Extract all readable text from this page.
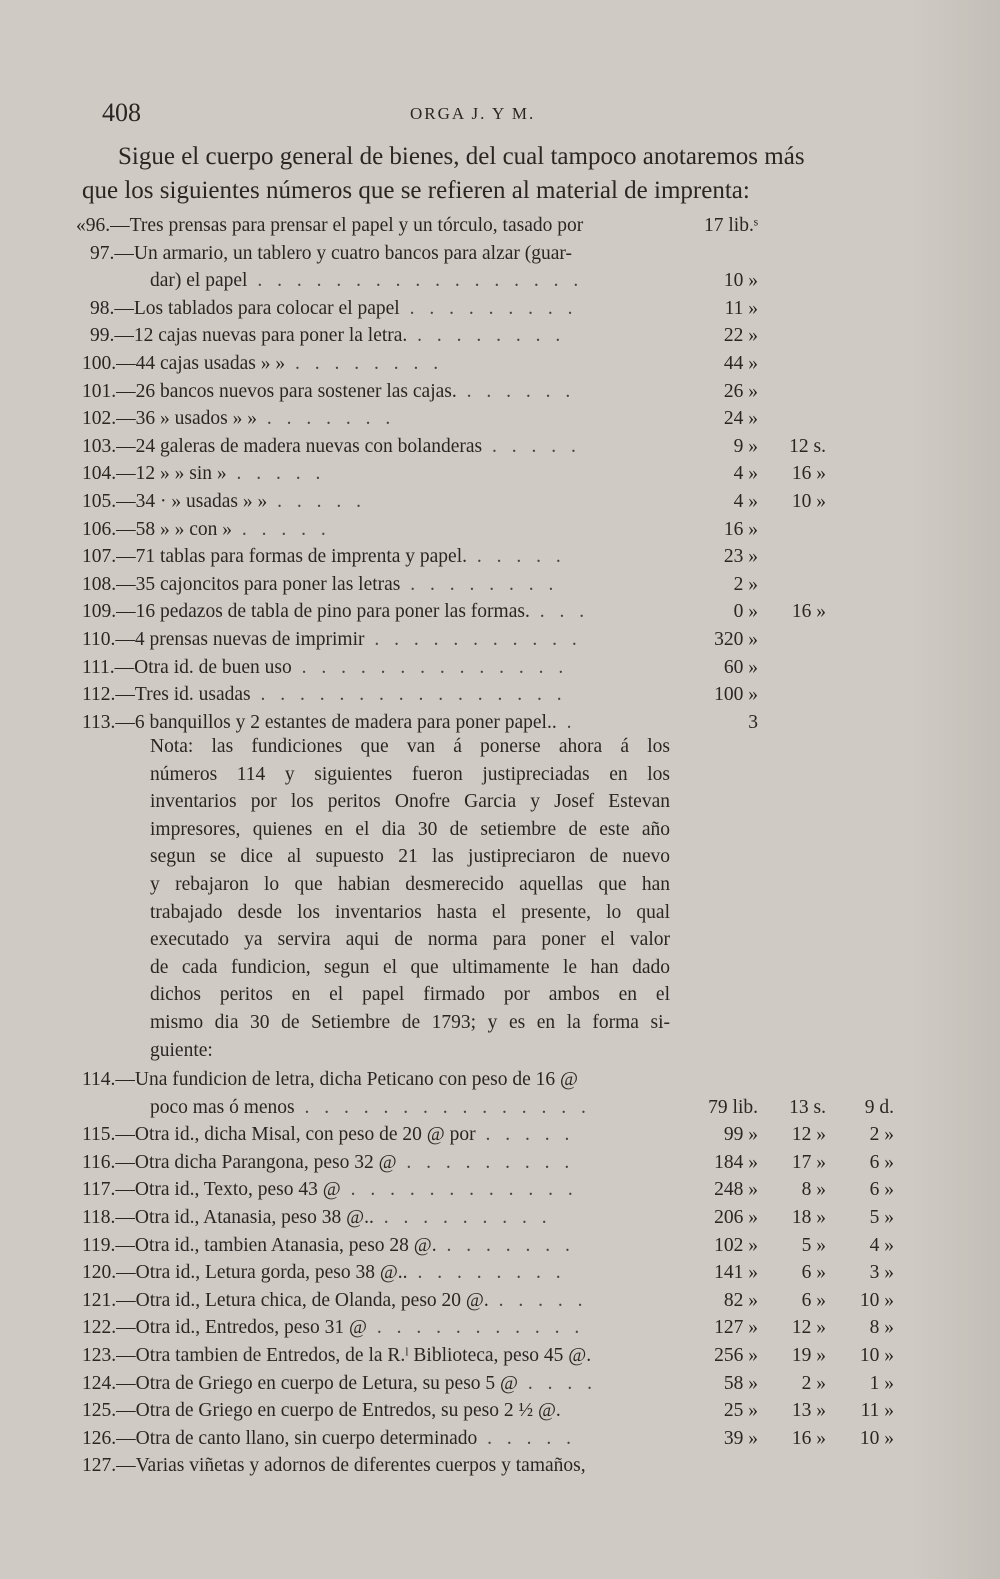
408	ORGA J. Y M.
Sigue el cuerpo general de bienes, del cual tampoco anotaremos más
que los siguientes números que se refieren al material de imprenta:
«96.—Tres prensas para prensar el papel y un tórculo, tasado por	17 lib.ˢ
97.—Un armario, un tablero y cuatro bancos para alzar (guar-
dar) el papel . . . . . . . . . . . . . . . . .	10 »
98.—Los tablados para colocar el papel . . . . . . . . .	11 »
99.—12 cajas nuevas para poner la letra. . . . . . . . .	22 »
100.—44 cajas usadas » » . . . . . . . .	44 »
101.—26 bancos nuevos para sostener las cajas. . . . . . .	26 »
102.—36 » usados » » . . . . . . .	24 »
103.—24 galeras de madera nuevas con bolanderas . . . . .	9 »	12 s.
104.—12 » » sin » . . . . .	4 »	16 »
105.—34 · » usadas » » . . . . .	4 »	10 »
106.—58 » » con » . . . . .	16 »
107.—71 tablas para formas de imprenta y papel. . . . . .	23 »
108.—35 cajoncitos para poner las letras . . . . . . . .	2 »
109.—16 pedazos de tabla de pino para poner las formas. . . .	0 »	16 »
110.—4 prensas nuevas de imprimir . . . . . . . . . . .	320 »
111.—Otra id. de buen uso . . . . . . . . . . . . . .	60 »
112.—Tres id. usadas . . . . . . . . . . . . . . . .	100 »
113.—6 banquillos y 2 estantes de madera para poner papel.. .	3
Nota: las fundiciones que van á ponerse ahora á los
números 114 y siguientes fueron justipreciadas en los
inventarios por los peritos Onofre Garcia y Josef Estevan
impresores, quienes en el dia 30 de setiembre de este año
segun se dice al supuesto 21 las justipreciaron de nuevo
y rebajaron lo que habian desmerecido aquellas que han
trabajado desde los inventarios hasta el presente, lo qual
executado ya servira aqui de norma para poner el valor
de cada fundicion, segun el que ultimamente le han dado
dichos peritos en el papel firmado por ambos en el
mismo dia 30 de Setiembre de 1793; y es en la forma si-
guiente:
114.—Una fundicion de letra, dicha Peticano con peso de 16 @
poco mas ó menos . . . . . . . . . . . . . . .	79 lib.	13 s.	9 d.
115.—Otra id., dicha Misal, con peso de 20 @ por . . . . .	99 »	12 »	2 »
116.—Otra dicha Parangona, peso 32 @ . . . . . . . . .	184 »	17 »	6 »
117.—Otra id., Texto, peso 43 @ . . . . . . . . . . . .	248 »	8 »	6 »
118.—Otra id., Atanasia, peso 38 @.. . . . . . . . . .	206 »	18 »	5 »
119.—Otra id., tambien Atanasia, peso 28 @. . . . . . . .	102 »	5 »	4 »
120.—Otra id., Letura gorda, peso 38 @.. . . . . . . . .	141 »	6 »	3 »
121.—Otra id., Letura chica, de Olanda, peso 20 @. . . . . .	82 »	6 »	10 »
122.—Otra id., Entredos, peso 31 @ . . . . . . . . . . .	127 »	12 »	8 »
123.—Otra tambien de Entredos, de la R.ˡ Biblioteca, peso 45 @.	256 »	19 »	10 »
124.—Otra de Griego en cuerpo de Letura, su peso 5 @ . . . .	58 »	2 »	1 »
125.—Otra de Griego en cuerpo de Entredos, su peso 2 ½ @.	25 »	13 »	11 »
126.—Otra de canto llano, sin cuerpo determinado . . . . .	39 »	16 »	10 »
127.—Varias viñetas y adornos de diferentes cuerpos y tamaños,
